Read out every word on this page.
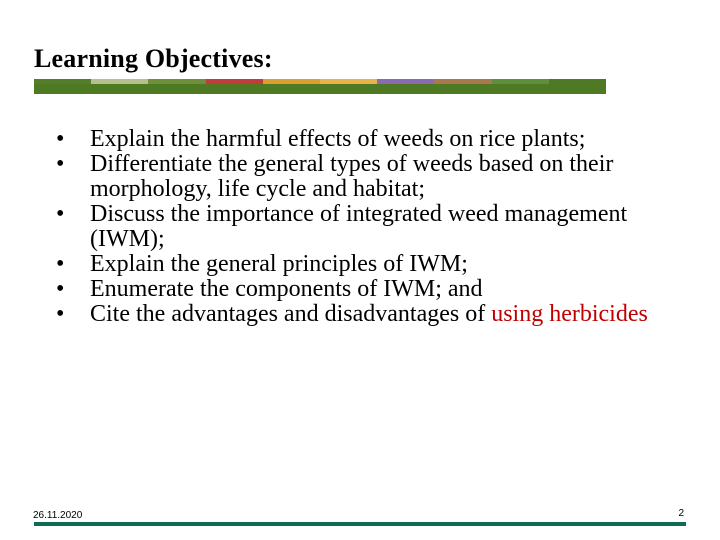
Learning Objectives:
• Explain the harmful effects of weeds on rice plants;
• Differentiate the general types of weeds based on their morphology, life cycle and habitat;
• Discuss the importance of integrated weed management (IWM);
• Explain the general principles of IWM;
• Enumerate the components of IWM; and
• Cite the advantages and disadvantages of using herbicides
26.11.2020	2
